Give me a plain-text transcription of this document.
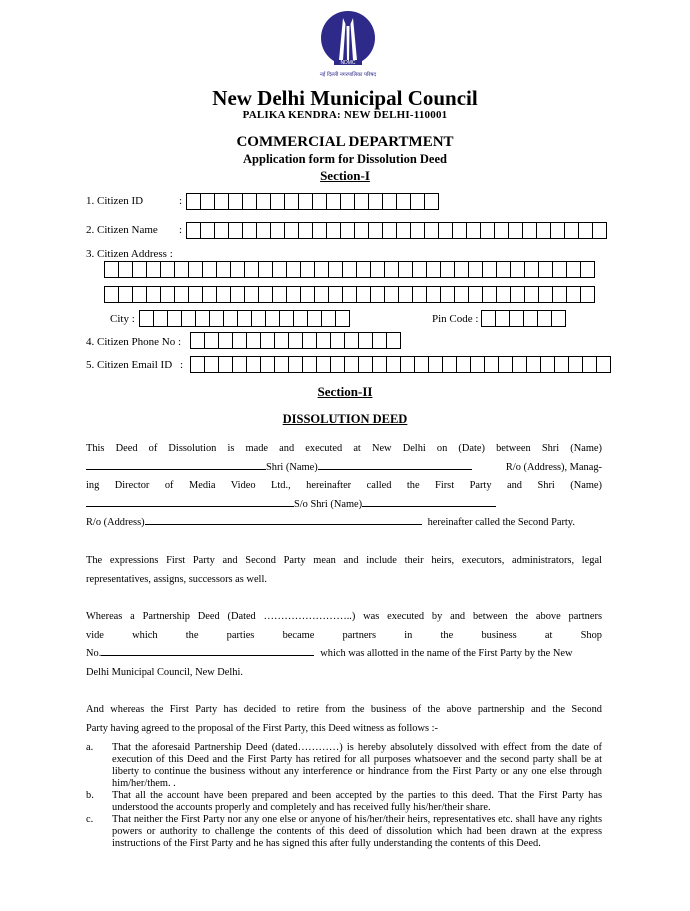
NDMC
नई दिल्ली नगरपालिका परिषद
New Delhi Municipal Council
PALIKA KENDRA: NEW DELHI-110001
COMMERCIAL DEPARTMENT
Application form for Dissolution Deed
Section-I
1. Citizen ID	:
2. Citizen Name :
3. Citizen Address :
City :	Pin Code :
4. Citizen Phone No :
5. Citizen Email ID :
Section-II
DISSOLUTION DEED
This Deed of Dissolution is made and executed at New Delhi on (Date) between Shri (Name)
Shri (Name)	R/o (Address), Manag-
ing Director of Media Video Ltd., hereinafter called the First Party and Shri (Name)
S/o Shri (Name)
R/o (Address)	hereinafter called the Second Party.
The expressions First Party and Second Party mean and include their heirs, executors, administrators, legal
representatives, assigns, successors as well.
Whereas a Partnership Deed (Dated ……………………..) was executed by and between the above partners
vide which the parties became partners in the business at Shop
No.	which was allotted in the name of the First Party by the New
Delhi Municipal Council, New Delhi.
And whereas the First Party has decided to retire from the business of the above partnership and the Second
Party having agreed to the proposal of the First Party, this Deed witness as follows :-
a.	That the aforesaid Partnership Deed (dated…………) is hereby absolutely dissolved with effect from the date of execution of this Deed and the First Party has retired for all purposes whatsoever and the second party shall be at liberty to continue the business without any interference or hindrance from the First Party or any one else through him/her/them. .
b.	That all the account have been prepared and been accepted by the parties to this deed. That the First Party has understood the accounts properly and completely and has received fully his/her/their share.
c.	That neither the First Party nor any one else or anyone of his/her/their heirs, representatives etc. shall have any rights powers or authority to challenge the contents of this deed of dissolution which had been drawn at the express instructions of the First Party and he has signed this after fully understanding the contents of this Deed.
